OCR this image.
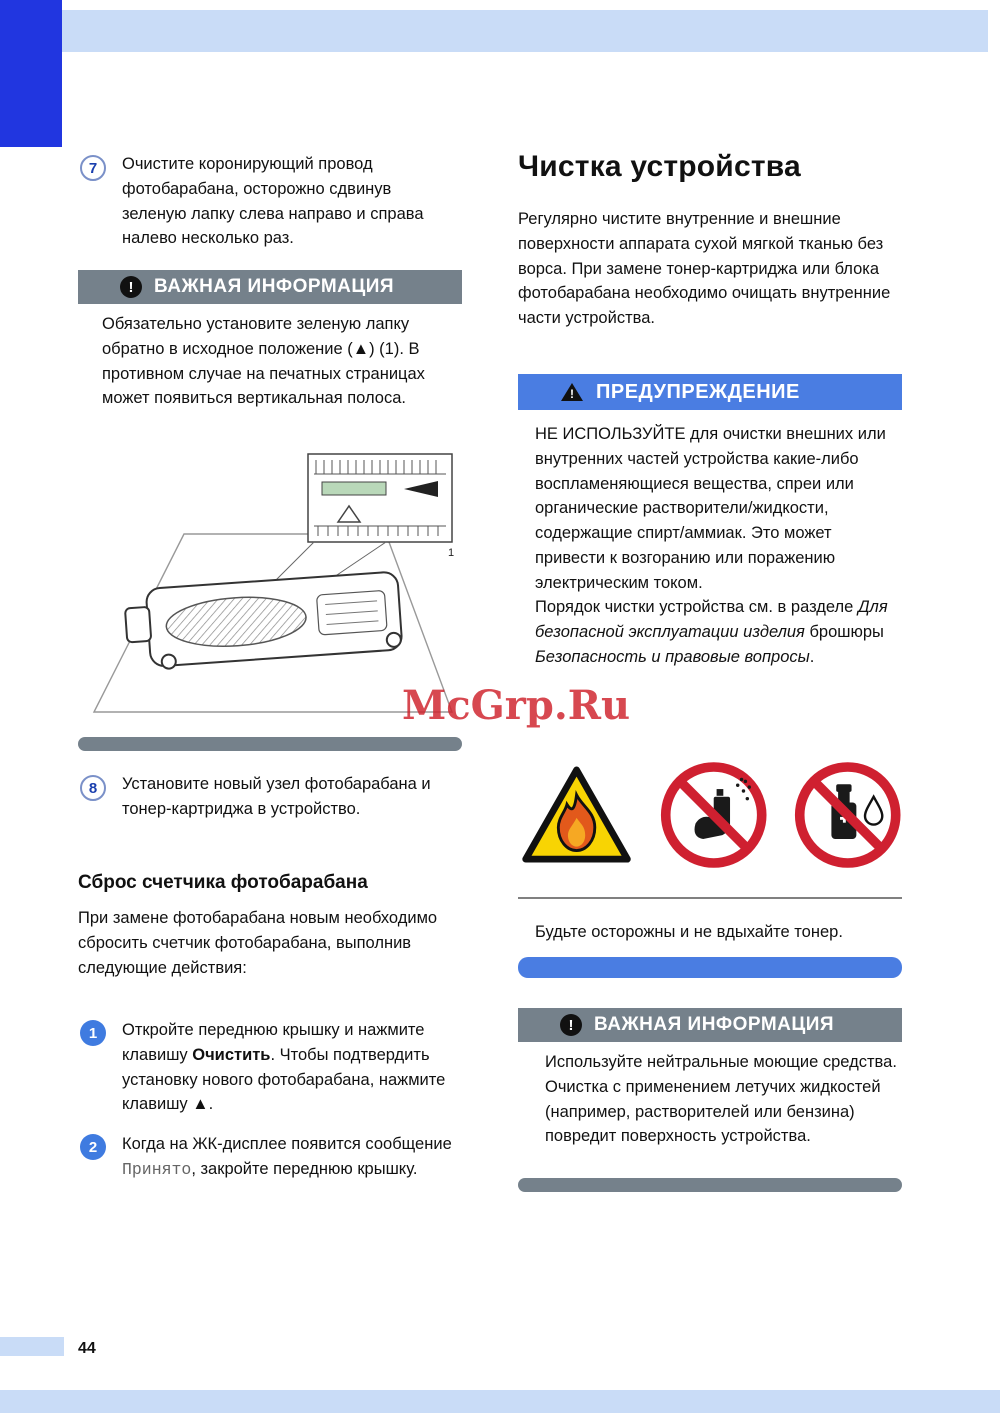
44
7 Очистите коронирующий провод фотобарабана, осторожно сдвинув зеленую лапку слева направо и справа налево несколько раз.
!	ВАЖНАЯ ИНФОРМАЦИЯ
Обязательно установите зеленую лапку обратно в исходное положение (▲) (1). В противном случае на печатных страницах может появиться вертикальная полоса.
1
8 Установите новый узел фотобарабана и тонер-картриджа в устройство.
Сброс счетчика фотобарабана
При замене фотобарабана новым необходимо сбросить счетчик фотобарабана, выполнив следующие действия:
1 Откройте переднюю крышку и нажмите клавишу Очистить. Чтобы подтвердить установку нового фотобарабана, нажмите клавишу ▲.
2 Когда на ЖК-дисплее появится сообщение Принято, закройте переднюю крышку.
Чистка устройства
Регулярно чистите внутренние и внешние поверхности аппарата сухой мягкой тканью без ворса. При замене тонер-картриджа или блока фотобарабана необходимо очищать внутренние части устройства.
! ПРЕДУПРЕЖДЕНИЕ
НЕ ИСПОЛЬЗУЙТЕ для очистки внешних или внутренних частей устройства какие-либо воспламеняющиеся вещества, спреи или органические растворители/жидкости, содержащие спирт/аммиак. Это может привести к возгоранию или поражению электрическим током.
Порядок чистки устройства см. в разделе Для безопасной эксплуатации изделия брошюры Безопасность и правовые вопросы.
McGrp.Ru
Будьте осторожны и не вдыхайте тонер.
!	ВАЖНАЯ ИНФОРМАЦИЯ
Используйте нейтральные моющие средства. Очистка с применением летучих жидкостей (например, растворителей или бензина) повредит поверхность устройства.
